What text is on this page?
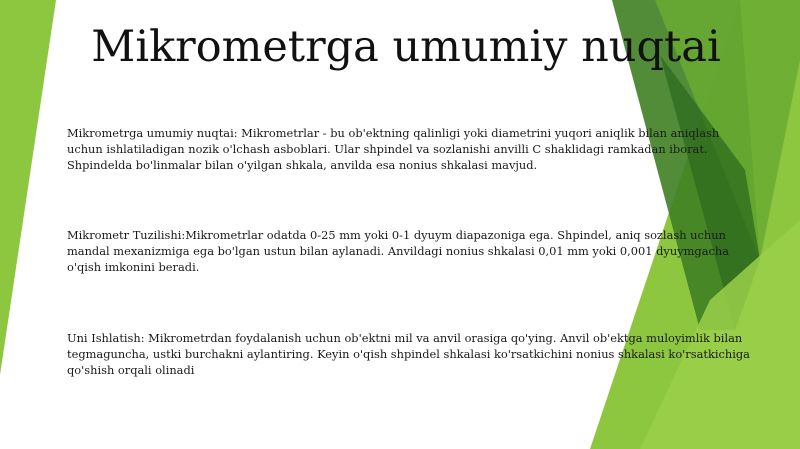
Mikrometrga umumiy nuqtai
Mikrometrga umumiy nuqtai: Mikrometrlar - bu ob'ektning qalinligi yoki diametrini yuqori aniqlik bilan aniqlash uchun ishlatiladigan nozik o'lchash asboblari. Ular shpindel va sozlanishi anvilli C shaklidagi ramkadan iborat. Shpindelda bo'linmalar bilan o'yilgan shkala, anvilda esa nonius shkalasi mavjud.
Mikrometr Tuzilishi:Mikrometrlar odatda 0-25 mm yoki 0-1 dyuym diapazoniga ega. Shpindel, aniq sozlash uchun mandal mexanizmiga ega bo'lgan ustun bilan aylanadi. Anvildagi nonius shkalasi 0,01 mm yoki 0,001 dyuymgacha o'qish imkonini beradi.
Uni Ishlatish: Mikrometrdan foydalanish uchun ob'ektni mil va anvil orasiga qo'ying. Anvil ob'ektga muloyimlik bilan tegmaguncha, ustki burchakni aylantiring. Keyin o'qish shpindel shkalasi ko'rsatkichini nonius shkalasi ko'rsatkichiga qo'shish orqali olinadi
